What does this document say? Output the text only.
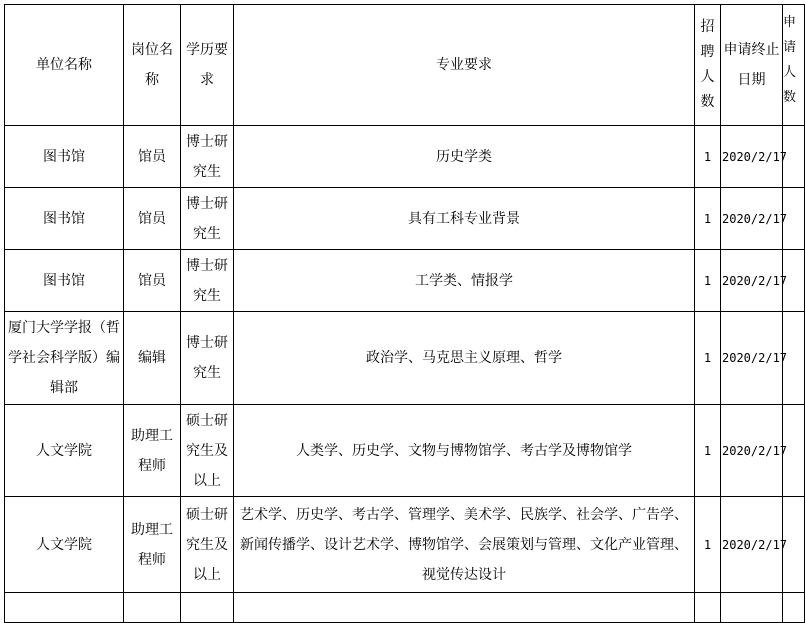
单位名称	岗位名称	学历要求	专业要求	招聘人数	申请终止日期	申请人数
图书馆	馆员	博士研究生	历史学类	1	2020/2/17	
图书馆	馆员	博士研究生	具有工科专业背景	1	2020/2/17	
图书馆	馆员	博士研究生	工学类、情报学	1	2020/2/17	
厦门大学学报（哲学社会科学版）编辑部	编辑	博士研究生	政治学、马克思主义原理、哲学	1	2020/2/17	
人文学院	助理工程师	硕士研究生及以上	人类学、历史学、文物与博物馆学、考古学及博物馆学	1	2020/2/17	
人文学院	助理工程师	硕士研究生及以上	艺术学、历史学、考古学、管理学、美术学、民族学、社会学、广告学、新闻传播学、设计艺术学、博物馆学、会展策划与管理、文化产业管理、视觉传达设计	1	2020/2/17	
